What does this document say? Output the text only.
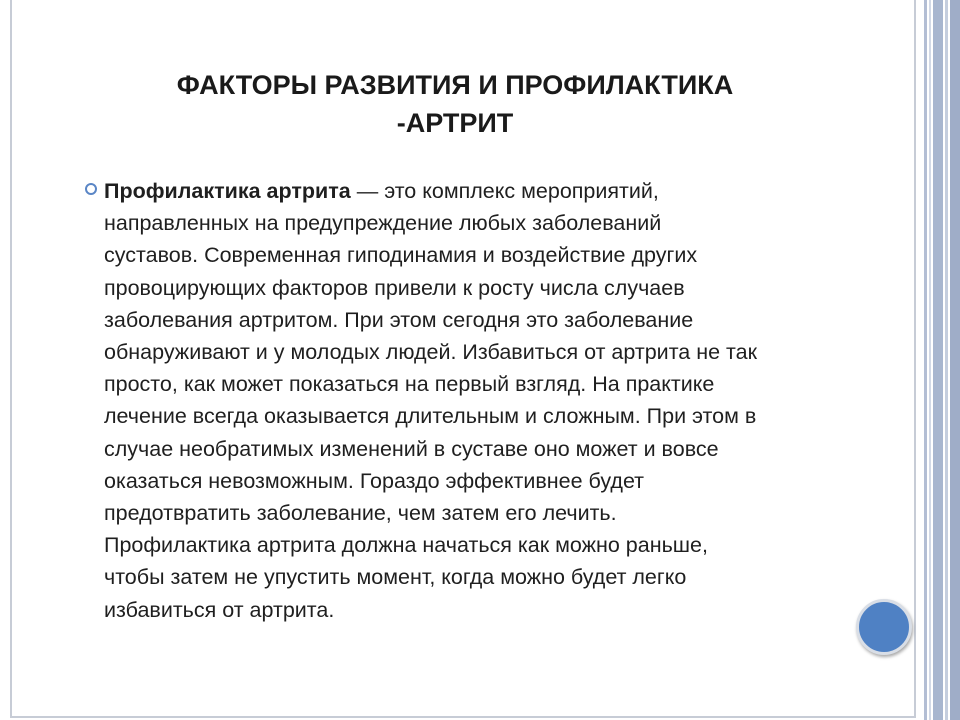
ФАКТОРЫ РАЗВИТИЯ И ПРОФИЛАКТИКА
-АРТРИТ
Профилактика артрита — это комплекс мероприятий,
направленных на предупреждение любых заболеваний
суставов. Современная гиподинамия и воздействие других
провоцирующих факторов привели к росту числа случаев
заболевания артритом. При этом сегодня это заболевание
обнаруживают и у молодых людей. Избавиться от артрита не так
просто, как может показаться на первый взгляд. На практике
лечение всегда оказывается длительным и сложным. При этом в
случае необратимых изменений в суставе оно может и вовсе
оказаться невозможным. Гораздо эффективнее будет
предотвратить заболевание, чем затем его лечить.
Профилактика артрита должна начаться как можно раньше,
чтобы затем не упустить момент, когда можно будет легко
избавиться от артрита.
